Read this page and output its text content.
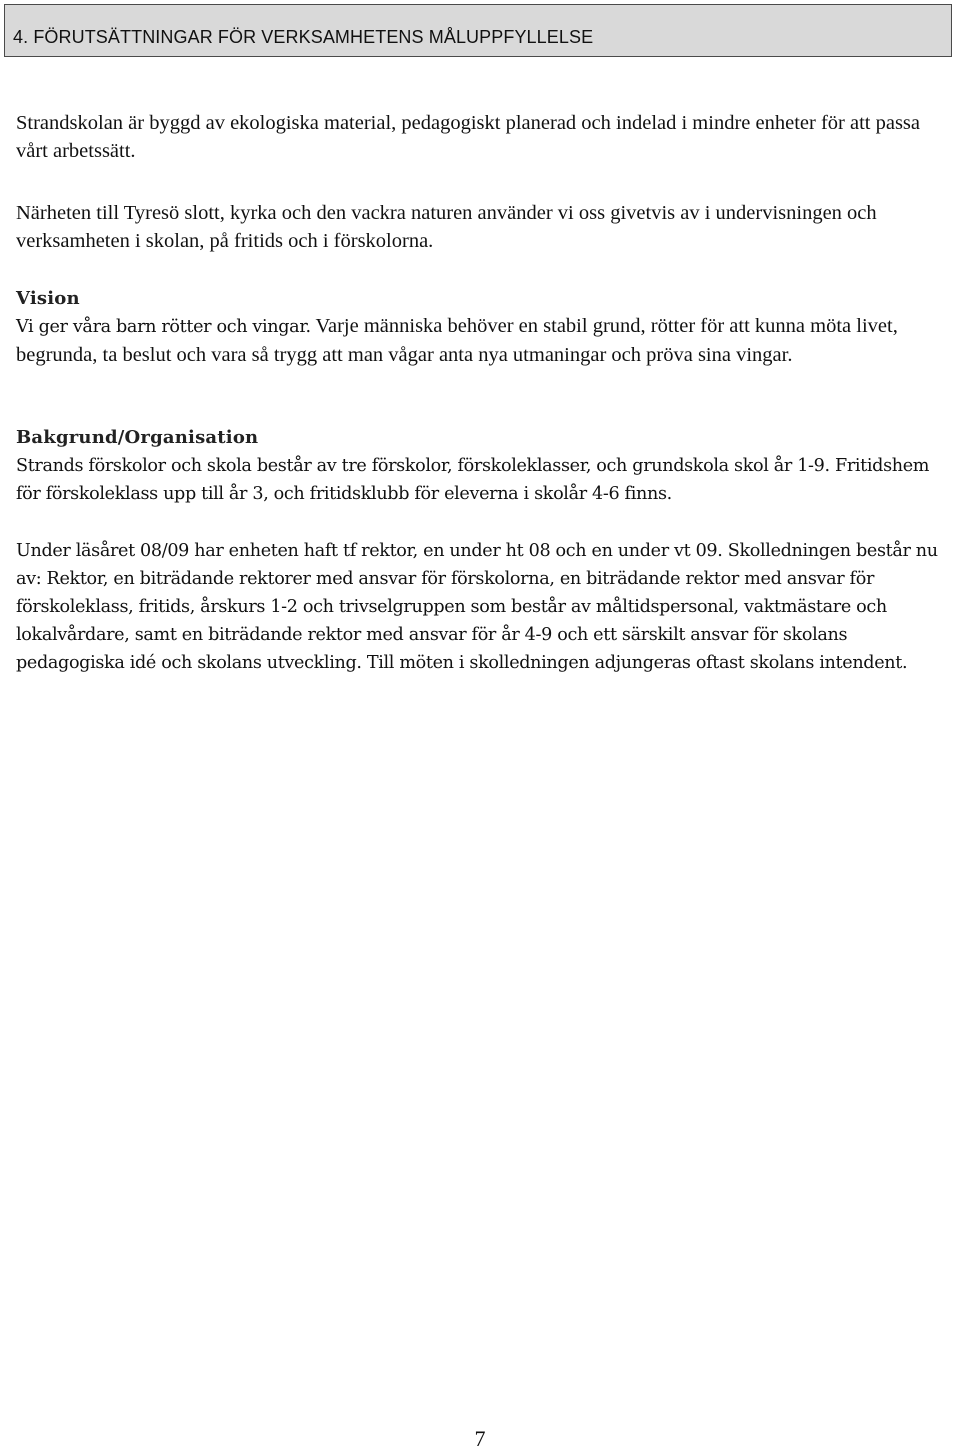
4. FÖRUTSÄTTNINGAR FÖR VERKSAMHETENS MÅLUPPFYLLELSE

Strandskolan är byggd av ekologiska material, pedagogiskt planerad och indelad i mindre enheter för att passa vårt arbetssätt.

Närheten till Tyresö slott, kyrka och den vackra naturen använder vi oss givetvis av i undervisningen och verksamheten i skolan, på fritids och i förskolorna.

Vision

Vi ger våra barn rötter och vingar. Varje människa behöver en stabil grund, rötter för att kunna möta livet, begrunda, ta beslut och vara så trygg att man vågar anta nya utmaningar och pröva sina vingar.

Bakgrund/Organisation

Strands förskolor och skola består av tre förskolor, förskoleklasser, och grundskola skol år 1-9. Fritidshem för förskoleklass upp till år 3, och fritidsklubb för eleverna i skolår 4-6 finns.

Under läsåret 08/09 har enheten haft tf rektor, en under ht 08 och en under vt 09. Skolledningen består nu av: Rektor, en biträdande rektorer med ansvar för förskolorna, en biträdande rektor med ansvar för förskoleklass, fritids, årskurs 1-2 och trivselgruppen som består av måltidspersonal, vaktmästare och lokalvårdare, samt en biträdande rektor med ansvar för år 4-9 och ett särskilt ansvar för skolans pedagogiska idé och skolans utveckling. Till möten i skolledningen adjungeras oftast skolans intendent.

7
